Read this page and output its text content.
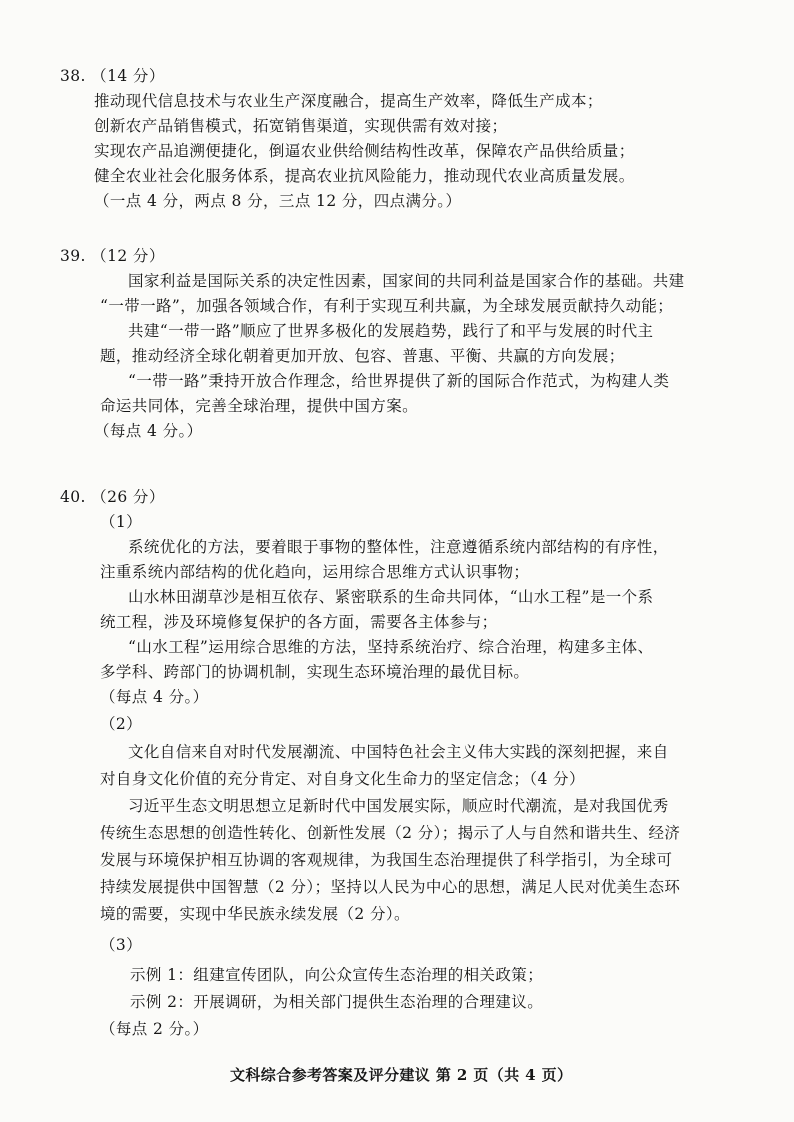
38. （14 分）
推动现代信息技术与农业生产深度融合，提高生产效率，降低生产成本；
创新农产品销售模式，拓宽销售渠道，实现供需有效对接；
实现农产品追溯便捷化，倒逼农业供给侧结构性改革，保障农产品供给质量；
健全农业社会化服务体系，提高农业抗风险能力，推动现代农业高质量发展。
（一点 4 分，两点 8 分，三点 12 分，四点满分。）
39. （12 分）
国家利益是国际关系的决定性因素，国家间的共同利益是国家合作的基础。共建
“一带一路”，加强各领域合作，有利于实现互利共赢，为全球发展贡献持久动能；
共建“一带一路”顺应了世界多极化的发展趋势，践行了和平与发展的时代主
题，推动经济全球化朝着更加开放、包容、普惠、平衡、共赢的方向发展；
“一带一路”秉持开放合作理念，给世界提供了新的国际合作范式，为构建人类
命运共同体，完善全球治理，提供中国方案。
（每点 4 分。）
40. （26 分）
（1）
系统优化的方法，要着眼于事物的整体性，注意遵循系统内部结构的有序性，
注重系统内部结构的优化趋向，运用综合思维方式认识事物；
山水林田湖草沙是相互依存、紧密联系的生命共同体，“山水工程”是一个系
统工程，涉及环境修复保护的各方面，需要各主体参与；
“山水工程”运用综合思维的方法，坚持系统治疗、综合治理，构建多主体、
多学科、跨部门的协调机制，实现生态环境治理的最优目标。
（每点 4 分。）
（2）
文化自信来自对时代发展潮流、中国特色社会主义伟大实践的深刻把握，来自
对自身文化价值的充分肯定、对自身文化生命力的坚定信念；（4 分）
习近平生态文明思想立足新时代中国发展实际，顺应时代潮流，是对我国优秀
传统生态思想的创造性转化、创新性发展（2 分）；揭示了人与自然和谐共生、经济
发展与环境保护相互协调的客观规律，为我国生态治理提供了科学指引，为全球可
持续发展提供中国智慧（2 分）；坚持以人民为中心的思想，满足人民对优美生态环
境的需要，实现中华民族永续发展（2 分）。
（3）
示例 1：组建宣传团队，向公众宣传生态治理的相关政策；
示例 2：开展调研，为相关部门提供生态治理的合理建议。
（每点 2 分。）
文科综合参考答案及评分建议 第 2 页（共 4 页）
